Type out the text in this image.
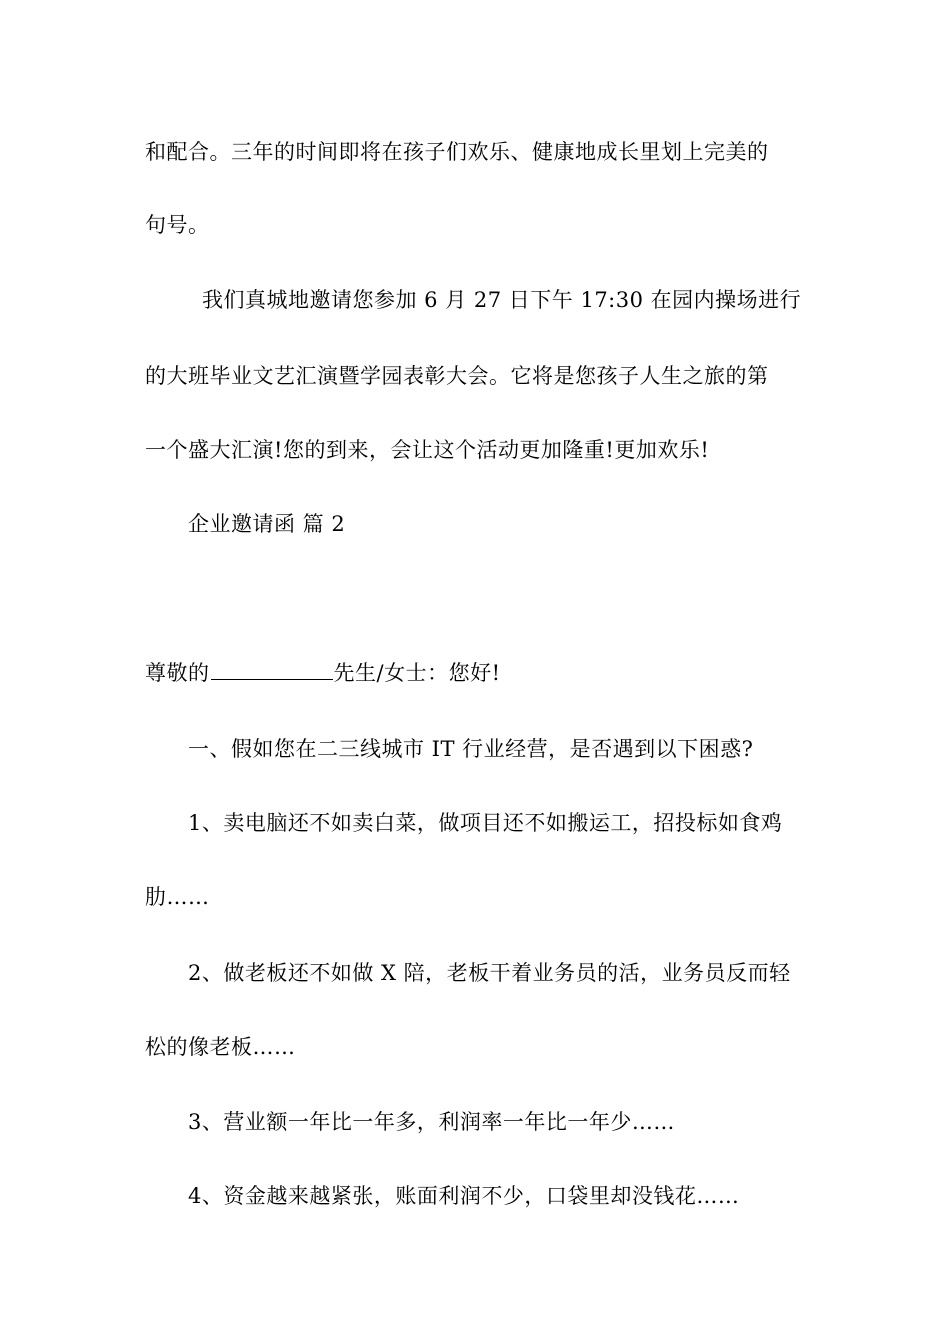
和配合。三年的时间即将在孩子们欢乐、健康地成长里划上完美的
句号。
我们真城地邀请您参加 6 月 27 日下午 17:30 在园内操场进行
的大班毕业文艺汇演暨学园表彰大会。它将是您孩子人生之旅的第
一个盛大汇演!您的到来，会让这个活动更加隆重!更加欢乐!
企业邀请函 篇 2
尊敬的	先生/女士：您好!
一、假如您在二三线城市 IT 行业经营，是否遇到以下困惑?
1、卖电脑还不如卖白菜，做项目还不如搬运工，招投标如食鸡
肋……
2、做老板还不如做 X 陪，老板干着业务员的活，业务员反而轻
松的像老板……
3、营业额一年比一年多，利润率一年比一年少……
4、资金越来越紧张，账面利润不少，口袋里却没钱花……
